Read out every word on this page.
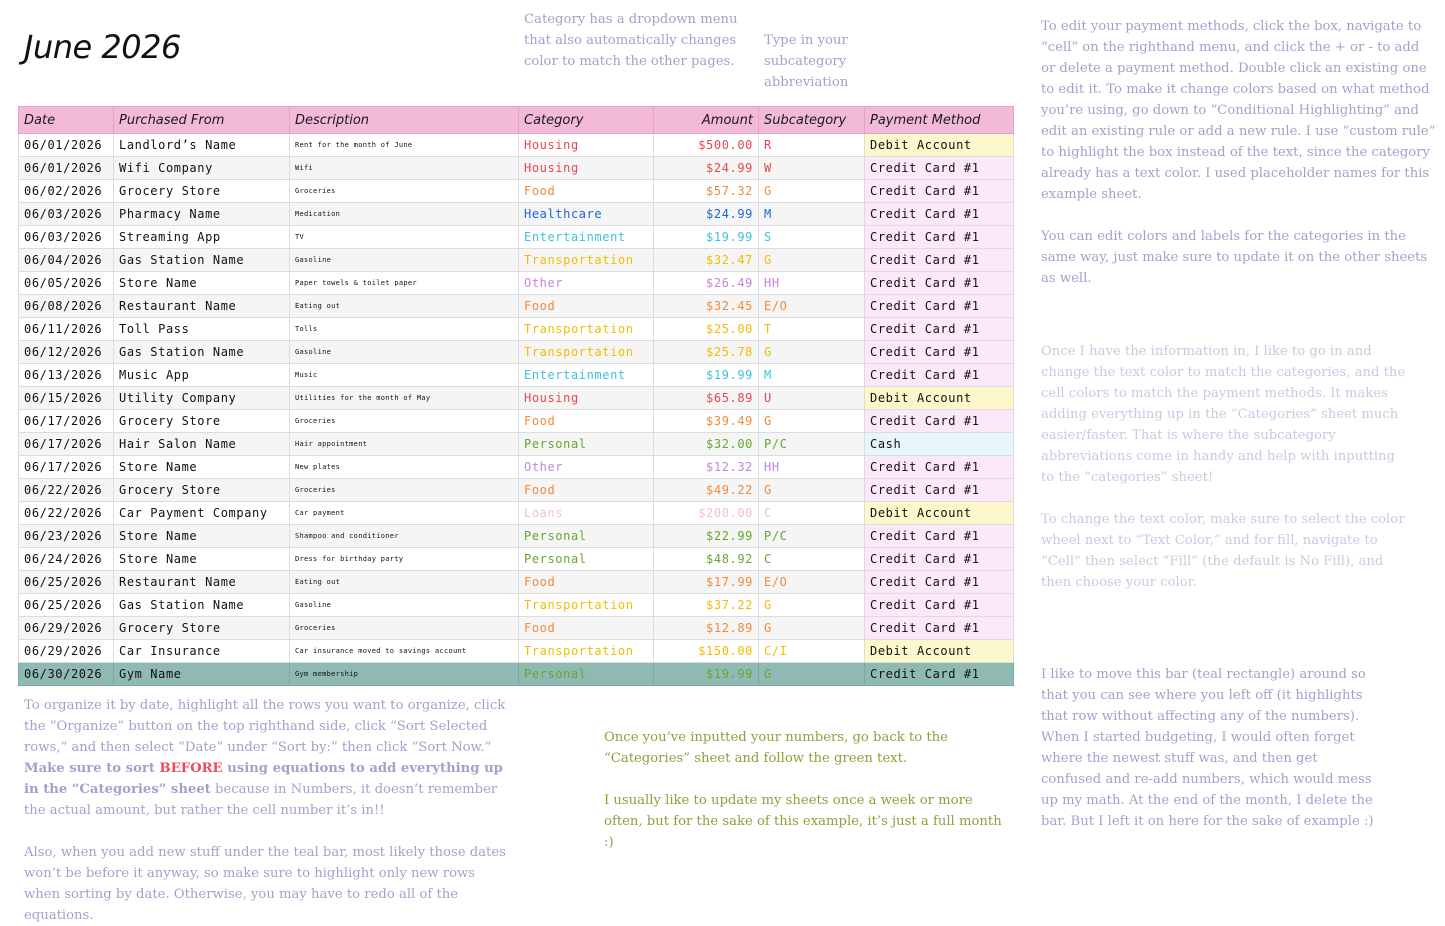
June 2026

Category has a dropdown menu that also automatically changes color to match the other pages.

Type in your subcategory abbreviation

To edit your payment methods, click the box, navigate to “cell” on the righthand menu, and click the + or - to add or delete a payment method. Double click an existing one to edit it. To make it change colors based on what method you’re using, go down to “Conditional Highlighting” and edit an existing rule or add a new rule. I use “custom rule” to highlight the box instead of the text, since the category already has a text color. I used placeholder names for this example sheet.

You can edit colors and labels for the categories in the same way, just make sure to update it on the other sheets as well.

Once I have the information in, I like to go in and change the text color to match the categories, and the cell colors to match the payment methods. It makes adding everything up in the “Categories” sheet much easier/faster. That is where the subcategory abbreviations come in handy and help with inputting to the “categories” sheet!

To change the text color, make sure to select the color wheel next to “Text Color,” and for fill, navigate to “Cell” then select “Fill” (the default is No Fill), and then choose your color.

I like to move this bar (teal rectangle) around so that you can see where you left off (it highlights that row without affecting any of the numbers). When I started budgeting, I would often forget where the newest stuff was, and then get confused and re-add numbers, which would mess up my math. At the end of the month, I delete the bar. But I left it on here for the sake of example :)

To organize it by date, highlight all the rows you want to organize, click the “Organize” button on the top righthand side, click “Sort Selected rows,” and then select “Date” under “Sort by:” then click “Sort Now.” Make sure to sort BEFORE using equations to add everything up in the “Categories” sheet because in Numbers, it doesn’t remember the actual amount, but rather the cell number it’s in!!

Also, when you add new stuff under the teal bar, most likely those dates won’t be before it anyway, so make sure to highlight only new rows when sorting by date. Otherwise, you may have to redo all of the equations.

Once you’ve inputted your numbers, go back to the “Categories” sheet and follow the green text.

I usually like to update my sheets once a week or more often, but for the sake of this example, it’s just a full month :)

Date	Purchased From	Description	Category	Amount	Subcategory	Payment Method
06/01/2026	Landlord’s Name	Rent for the month of June	Housing	$500.00	R	Debit Account
06/01/2026	Wifi Company	Wifi	Housing	$24.99	W	Credit Card #1
06/02/2026	Grocery Store	Groceries	Food	$57.32	G	Credit Card #1
06/03/2026	Pharmacy Name	Medication	Healthcare	$24.99	M	Credit Card #1
06/03/2026	Streaming App	TV	Entertainment	$19.99	S	Credit Card #1
06/04/2026	Gas Station Name	Gasoline	Transportation	$32.47	G	Credit Card #1
06/05/2026	Store Name	Paper towels & toilet paper	Other	$26.49	HH	Credit Card #1
06/08/2026	Restaurant Name	Eating out	Food	$32.45	E/O	Credit Card #1
06/11/2026	Toll Pass	Tolls	Transportation	$25.00	T	Credit Card #1
06/12/2026	Gas Station Name	Gasoline	Transportation	$25.78	G	Credit Card #1
06/13/2026	Music App	Music	Entertainment	$19.99	M	Credit Card #1
06/15/2026	Utility Company	Utilities for the month of May	Housing	$65.89	U	Debit Account
06/17/2026	Grocery Store	Groceries	Food	$39.49	G	Credit Card #1
06/17/2026	Hair Salon Name	Hair appointment	Personal	$32.00	P/C	Cash
06/17/2026	Store Name	New plates	Other	$12.32	HH	Credit Card #1
06/22/2026	Grocery Store	Groceries	Food	$49.22	G	Credit Card #1
06/22/2026	Car Payment Company	Car payment	Loans	$200.00	C	Debit Account
06/23/2026	Store Name	Shampoo and conditioner	Personal	$22.99	P/C	Credit Card #1
06/24/2026	Store Name	Dress for birthday party	Personal	$48.92	C	Credit Card #1
06/25/2026	Restaurant Name	Eating out	Food	$17.99	E/O	Credit Card #1
06/25/2026	Gas Station Name	Gasoline	Transportation	$37.22	G	Credit Card #1
06/29/2026	Grocery Store	Groceries	Food	$12.89	G	Credit Card #1
06/29/2026	Car Insurance	Car insurance moved to savings account	Transportation	$150.00	C/I	Debit Account
06/30/2026	Gym Name	Gym membership	Personal	$19.99	G	Credit Card #1
